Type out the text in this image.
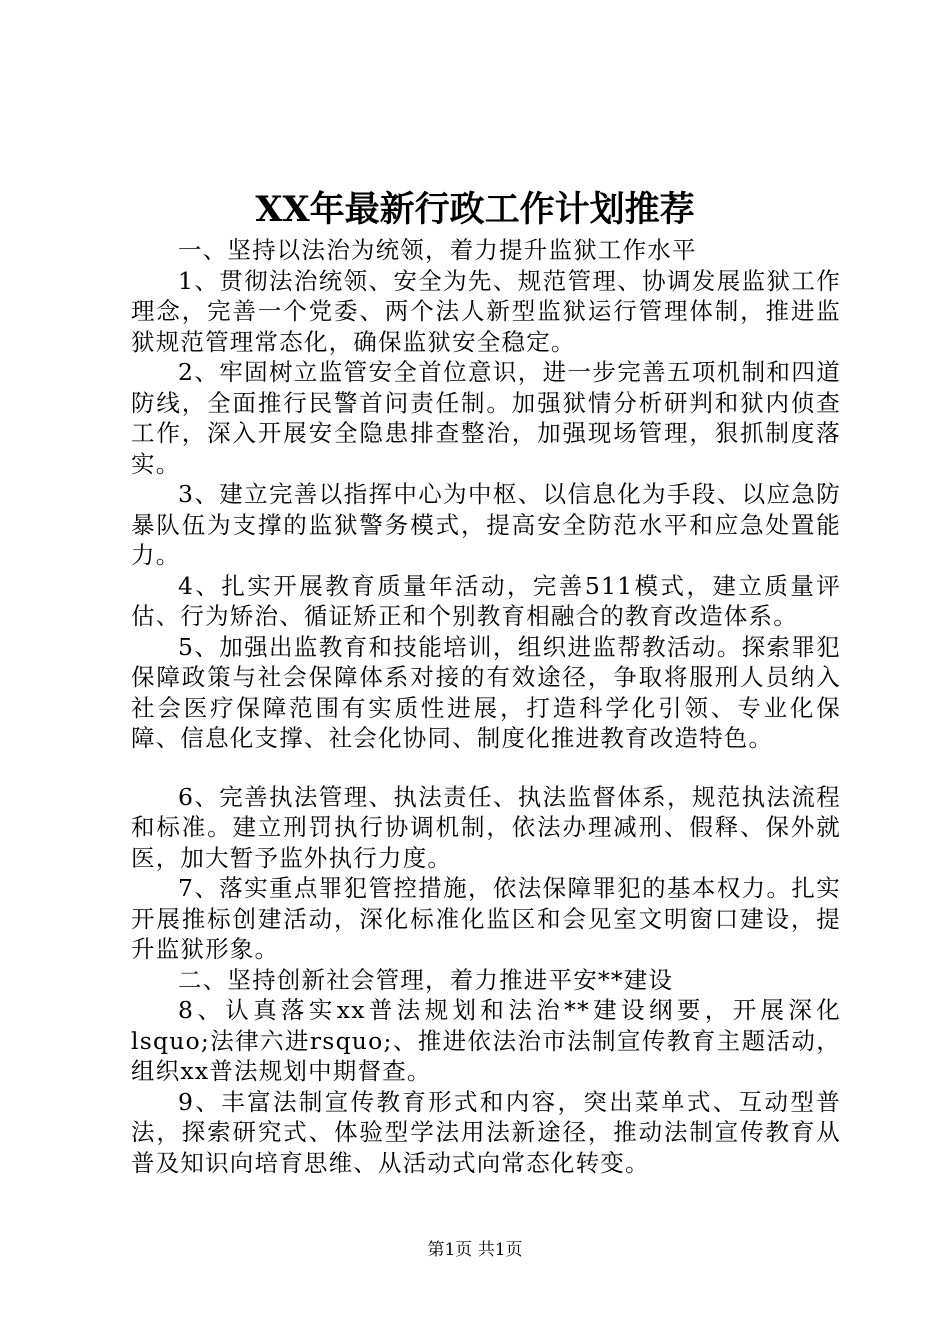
XX年最新行政工作计划推荐

一、坚持以法治为统领，着力提升监狱工作水平

1、贯彻法治统领、安全为先、规范管理、协调发展监狱工作理念，完善一个党委、两个法人新型监狱运行管理体制，推进监狱规范管理常态化，确保监狱安全稳定。

2、牢固树立监管安全首位意识，进一步完善五项机制和四道防线，全面推行民警首问责任制。加强狱情分析研判和狱内侦查工作，深入开展安全隐患排查整治，加强现场管理，狠抓制度落实。

3、建立完善以指挥中心为中枢、以信息化为手段、以应急防暴队伍为支撑的监狱警务模式，提高安全防范水平和应急处置能力。

4、扎实开展教育质量年活动，完善511模式，建立质量评估、行为矫治、循证矫正和个别教育相融合的教育改造体系。

5、加强出监教育和技能培训，组织进监帮教活动。探索罪犯保障政策与社会保障体系对接的有效途径，争取将服刑人员纳入社会医疗保障范围有实质性进展，打造科学化引领、专业化保障、信息化支撑、社会化协同、制度化推进教育改造特色。

6、完善执法管理、执法责任、执法监督体系，规范执法流程和标准。建立刑罚执行协调机制，依法办理减刑、假释、保外就医，加大暂予监外执行力度。

7、落实重点罪犯管控措施，依法保障罪犯的基本权力。扎实开展推标创建活动，深化标准化监区和会见室文明窗口建设，提升监狱形象。

二、坚持创新社会管理，着力推进平安**建设

8、认真落实xx普法规划和法治**建设纲要，开展深化lsquo;法律六进rsquo;、推进依法治市法制宣传教育主题活动，组织xx普法规划中期督查。

9、丰富法制宣传教育形式和内容，突出菜单式、互动型普法，探索研究式、体验型学法用法新途径，推动法制宣传教育从普及知识向培育思维、从活动式向常态化转变。

第1页 共1页
